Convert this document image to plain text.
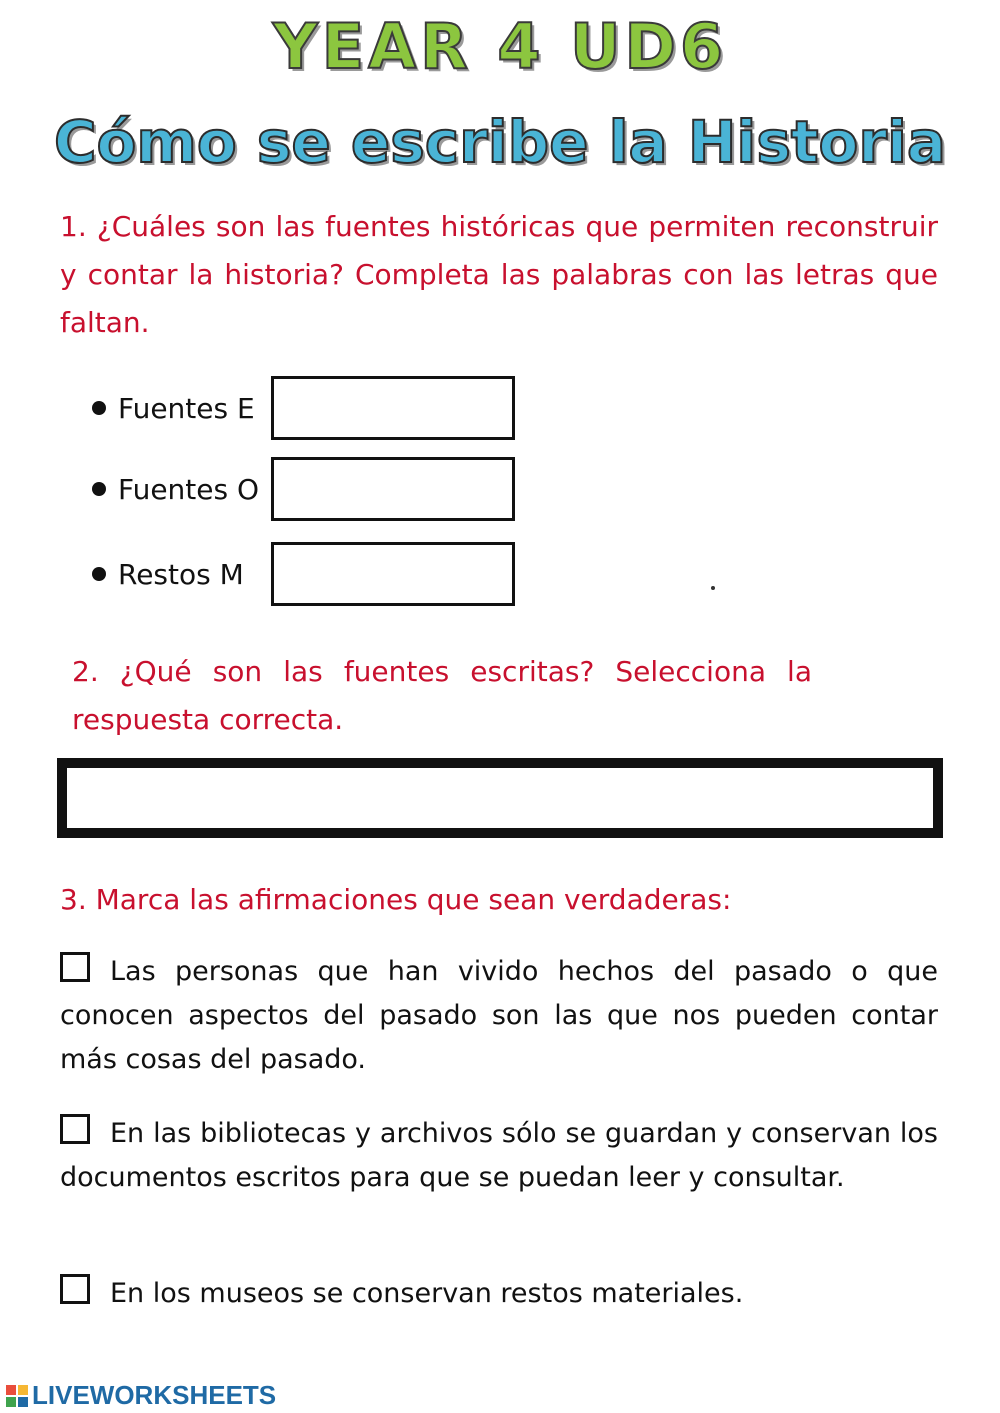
YEAR 4 UD6
Cómo se escribe la Historia
1. ¿Cuáles son las fuentes históricas que permiten reconstruir y contar la historia? Completa las palabras con las letras que faltan.
Fuentes E
Fuentes O
Restos M
2. ¿Qué son las fuentes escritas? Selecciona la respuesta correcta.
3. Marca las afirmaciones que sean verdaderas:
Las personas que han vivido hechos del pasado o que conocen aspectos del pasado son las que nos pueden contar más cosas del pasado.
En las bibliotecas y archivos sólo se guardan y conservan los documentos escritos para que se puedan leer y consultar.
En los museos se conservan restos materiales.
LIVEWORKSHEETS
